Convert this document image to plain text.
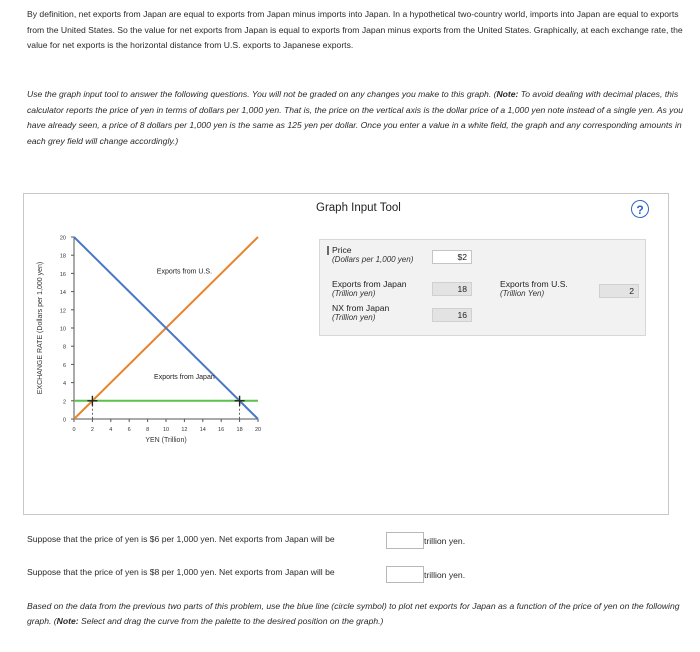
By definition, net exports from Japan are equal to exports from Japan minus imports into Japan. In a hypothetical two-country world, imports into Japan are equal to exports from the United States. So the value for net exports from Japan is equal to exports from Japan minus exports from the United States. Graphically, at each exchange rate, the value for net exports is the horizontal distance from U.S. exports to Japanese exports.
Use the graph input tool to answer the following questions. You will not be graded on any changes you make to this graph. (Note: To avoid dealing with decimal places, this calculator reports the price of yen in terms of dollars per 1,000 yen. That is, the price on the vertical axis is the dollar price of a 1,000 yen note instead of a single yen. As you have already seen, a price of 8 dollars per 1,000 yen is the same as 125 yen per dollar. Once you enter a value in a white field, the graph and any corresponding amounts in each grey field will change accordingly.)
Graph Input Tool	?
0
2
4
6
8
10
12
14
16
18
20
0	2	4	6	8	10 12 14 16 18 20
YEN (Trillion)
EXCHANGE RATE (Dollars per 1,000 yen)	Exports from U.S.
Exports from Japan
Price
(Dollars per 1,000 yen)	$2
Exports from Japan
(Trillion yen)	18
NX from Japan
(Trillion yen)	16
Exports from U.S.
(Trillion Yen)	2
Suppose that the price of yen is $6 per 1,000 yen. Net exports from Japan will be	trillion yen.
Suppose that the price of yen is $8 per 1,000 yen. Net exports from Japan will be	trillion yen.
Based on the data from the previous two parts of this problem, use the blue line (circle symbol) to plot net exports for Japan as a function of the price of yen on the following graph. (Note: Select and drag the curve from the palette to the desired position on the graph.)
